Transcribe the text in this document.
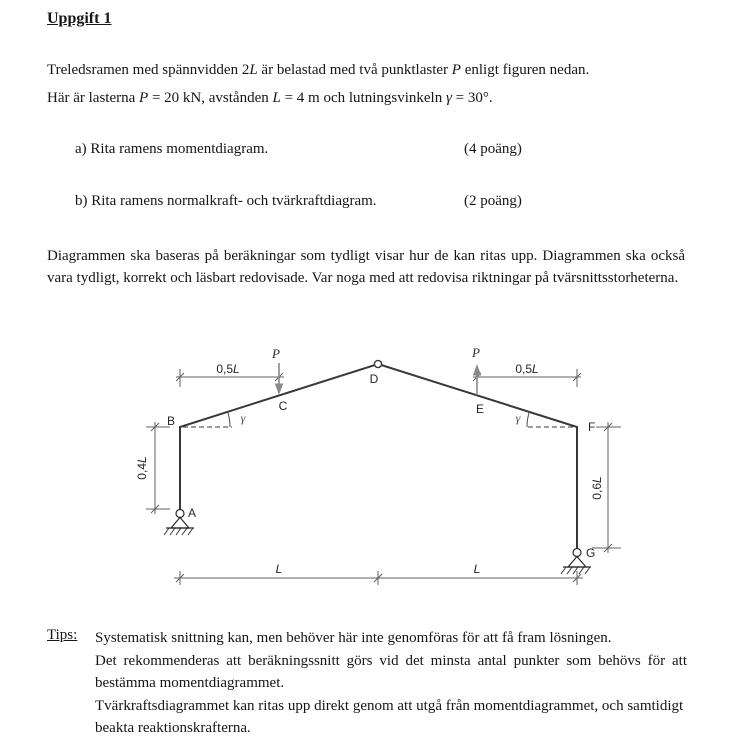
Uppgift 1
Treledsramen med spännvidden 2L är belastad med två punktlaster P enligt figuren nedan.
Här är lasterna P = 20 kN, avstånden L = 4 m och lutningsvinkeln γ = 30°.
a) Rita ramens momentdiagram.	(4 poäng)
b) Rita ramens normalkraft- och tvärkraftdiagram.	(2 poäng)
Diagrammen ska baseras på beräkningar som tydligt visar hur de kan ritas upp. Diagrammen ska också vara tydligt, korrekt och läsbart redovisade. Var noga med att redovisa riktningar på tvärsnittsstorheterna.
B
C
D
E
F
A
G
P	P
γ	γ
0,5L	0,5L
0,4L
0,6L
L	L
Tips: Systematisk snittning kan, men behöver här inte genomföras för att få fram lösningen.

Det rekommenderas att beräkningssnitt görs vid det minsta antal punkter som behövs för att bestämma momentdiagrammet.

Tvärkraftsdiagrammet kan ritas upp direkt genom att utgå från momentdiagrammet, och samtidigt beakta reaktionskrafterna.
